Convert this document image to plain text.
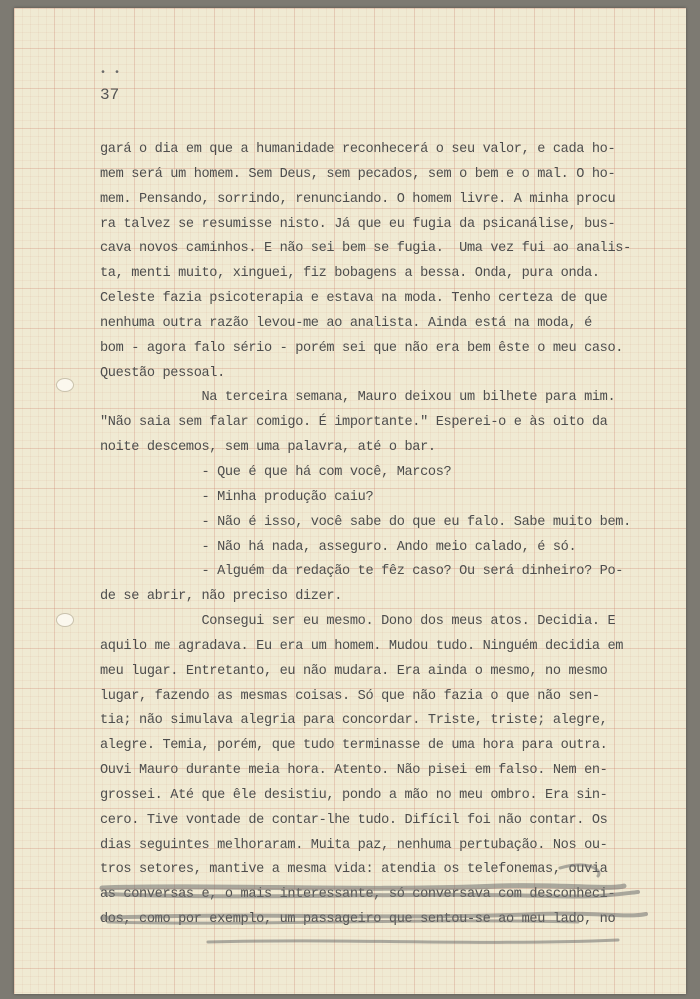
• •
37
gará o dia em que a humanidade reconhecerá o seu valor, e cada ho-
mem será um homem. Sem Deus, sem pecados, sem o bem e o mal. O ho-
mem. Pensando, sorrindo, renunciando. O homem livre. A minha procu
ra talvez se resumisse nisto. Já que eu fugia da psicanálise, bus-
cava novos caminhos. E não sei bem se fugia.  Uma vez fui ao analis-
ta, menti muito, xinguei, fiz bobagens a bessa. Onda, pura onda.
Celeste fazia psicoterapia e estava na moda. Tenho certeza de que
nenhuma outra razão levou-me ao analista. Ainda está na moda, é
bom - agora falo sério - porém sei que não era bem êste o meu caso.
Questão pessoal.
Na terceira semana, Mauro deixou um bilhete para mim.
"Não saia sem falar comigo. É importante." Esperei-o e às oito da
noite descemos, sem uma palavra, até o bar.
- Que é que há com você, Marcos?
- Minha produção caiu?
- Não é isso, você sabe do que eu falo. Sabe muito bem.
- Não há nada, asseguro. Ando meio calado, é só.
- Alguém da redação te fêz caso? Ou será dinheiro? Po-
de se abrir, não preciso dizer.
Consegui ser eu mesmo. Dono dos meus atos. Decidia. E
aquilo me agradava. Eu era um homem. Mudou tudo. Ninguém decidia em
meu lugar. Entretanto, eu não mudara. Era ainda o mesmo, no mesmo
lugar, fazendo as mesmas coisas. Só que não fazia o que não sen-
tia; não simulava alegria para concordar. Triste, triste; alegre,
alegre. Temia, porém, que tudo terminasse de uma hora para outra.
Ouvi Mauro durante meia hora. Atento. Não pisei em falso. Nem en-
grossei. Até que êle desistiu, pondo a mão no meu ombro. Era sin-
cero. Tive vontade de contar-lhe tudo. Difícil foi não contar. Os
dias seguintes melhoraram. Muita paz, nenhuma pertubação. Nos ou-
tros setores, mantive a mesma vida: atendia os telefonemas, ouvia
as conversas e, o mais interessante, só conversava com desconheci-
dos, como por exemplo, um passageiro que sentou-se ao meu lado, no
